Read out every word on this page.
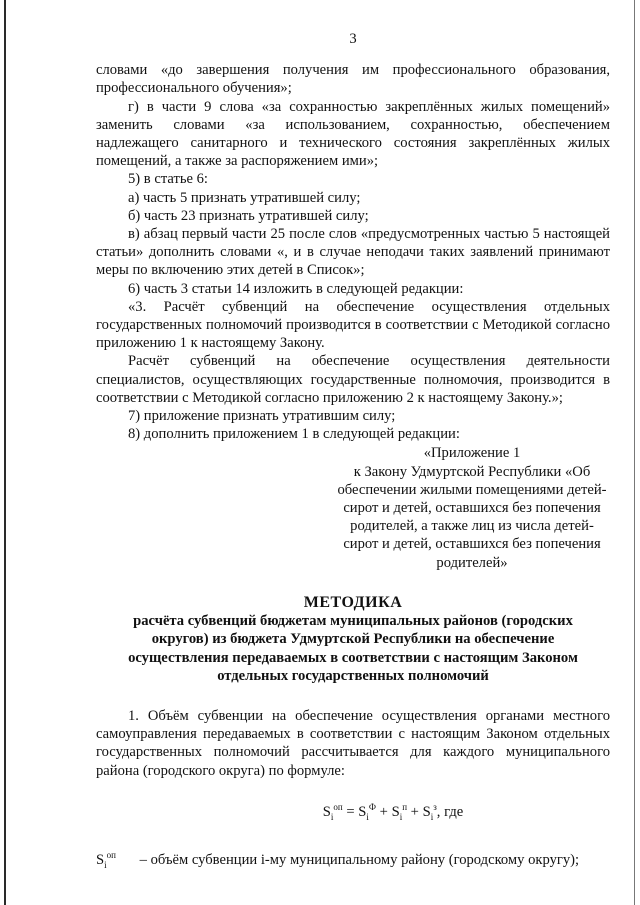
3

словами «до завершения получения им профессионального образования, профессионального обучения»;

г) в части 9 слова «за сохранностью закреплённых жилых помещений» заменить словами «за использованием, сохранностью, обеспечением надлежащего санитарного и технического состояния закреплённых жилых помещений, а также за распоряжением ими»;

5) в статье 6:

а) часть 5 признать утратившей силу;

б) часть 23 признать утратившей силу;

в) абзац первый части 25 после слов «предусмотренных частью 5 настоящей статьи» дополнить словами «, и в случае неподачи таких заявлений принимают меры по включению этих детей в Список»;

6) часть 3 статьи 14 изложить в следующей редакции:

«3. Расчёт субвенций на обеспечение осуществления отдельных государственных полномочий производится в соответствии с Методикой согласно приложению 1 к настоящему Закону.

Расчёт субвенций на обеспечение осуществления деятельности специалистов, осуществляющих государственные полномочия, производится в соответствии с Методикой согласно приложению 2 к настоящему Закону.»;

7) приложение признать утратившим силу;

8) дополнить приложением 1 в следующей редакции:

«Приложение 1
к Закону Удмуртской Республики «Об
обеспечении жилыми помещениями детей-
сирот и детей, оставшихся без попечения
родителей, а также лиц из числа детей-
сирот и детей, оставшихся без попечения
родителей»
МЕТОДИКА
расчёта субвенций бюджетам муниципальных районов (городских
округов) из бюджета Удмуртской Республики на обеспечение
осуществления передаваемых в соответствии с настоящим Законом
отдельных государственных полномочий

1. Объём субвенции на обеспечение осуществления органами местного самоуправления передаваемых в соответствии с настоящим Законом отдельных государственных полномочий рассчитывается для каждого муниципального района (городского округа) по формуле:

$S_i^{оп} = S_i^Ф + S_i^п + S_i^з$, где

$S_i^{оп}$ – объём субвенции i-му муниципальному району (городскому округу);
